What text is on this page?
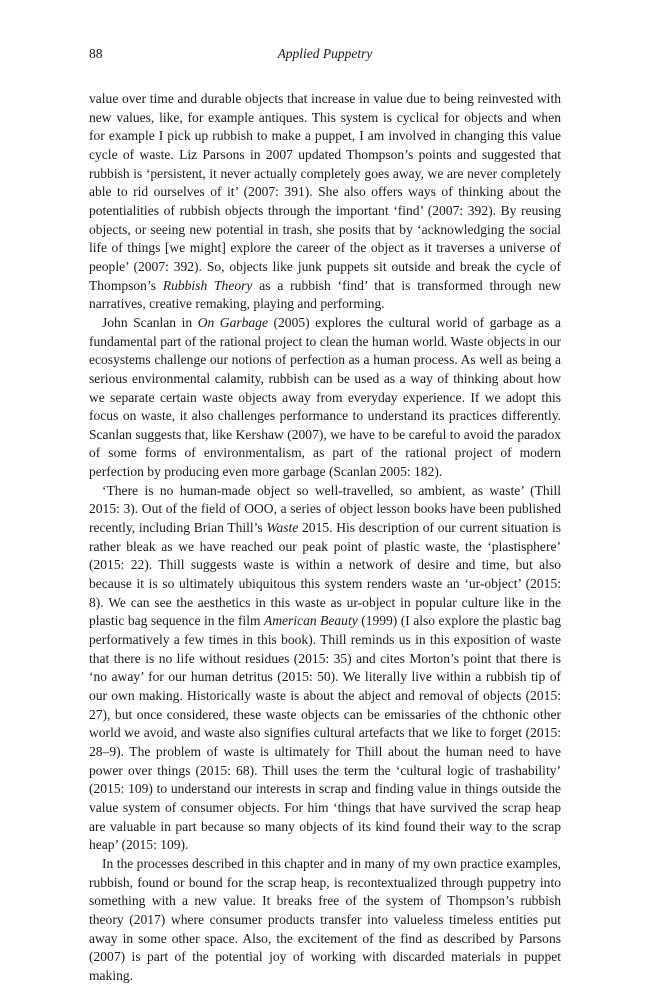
88	Applied Puppetry

value over time and durable objects that increase in value due to being reinvested with new values, like, for example antiques. This system is cyclical for objects and when for example I pick up rubbish to make a puppet, I am involved in changing this value cycle of waste. Liz Parsons in 2007 updated Thompson’s points and suggested that rubbish is ‘persistent, it never actually completely goes away, we are never completely able to rid ourselves of it’ (2007: 391). She also offers ways of thinking about the potentialities of rubbish objects through the important ‘find’ (2007: 392). By reusing objects, or seeing new potential in trash, she posits that by ‘acknowledging the social life of things [we might] explore the career of the object as it traverses a universe of people’ (2007: 392). So, objects like junk puppets sit outside and break the cycle of Thompson’s Rubbish Theory as a rubbish ‘find’ that is transformed through new narratives, creative remaking, playing and performing.

John Scanlan in On Garbage (2005) explores the cultural world of garbage as a fundamental part of the rational project to clean the human world. Waste objects in our ecosystems challenge our notions of perfection as a human process. As well as being a serious environmental calamity, rubbish can be used as a way of thinking about how we separate certain waste objects away from everyday experience. If we adopt this focus on waste, it also challenges performance to understand its practices differently. Scanlan suggests that, like Kershaw (2007), we have to be careful to avoid the paradox of some forms of environmentalism, as part of the rational project of modern perfection by producing even more garbage (Scanlan 2005: 182).

‘There is no human-made object so well-travelled, so ambient, as waste’ (Thill 2015: 3). Out of the field of OOO, a series of object lesson books have been published recently, including Brian Thill’s Waste 2015. His description of our current situation is rather bleak as we have reached our peak point of plastic waste, the ‘plastisphere’ (2015: 22). Thill suggests waste is within a network of desire and time, but also because it is so ultimately ubiquitous this system renders waste an ‘ur-object’ (2015: 8). We can see the aesthetics in this waste as ur-object in popular culture like in the plastic bag sequence in the film American Beauty (1999) (I also explore the plastic bag performatively a few times in this book). Thill reminds us in this exposition of waste that there is no life without residues (2015: 35) and cites Morton’s point that there is ‘no away’ for our human detritus (2015: 50). We literally live within a rubbish tip of our own making. Historically waste is about the abject and removal of objects (2015: 27), but once considered, these waste objects can be emissaries of the chthonic other world we avoid, and waste also signifies cultural artefacts that we like to forget (2015: 28–9). The problem of waste is ultimately for Thill about the human need to have power over things (2015: 68). Thill uses the term the ‘cultural logic of trashability’ (2015: 109) to understand our interests in scrap and finding value in things outside the value system of consumer objects. For him ‘things that have survived the scrap heap are valuable in part because so many objects of its kind found their way to the scrap heap’ (2015: 109).

In the processes described in this chapter and in many of my own practice examples, rubbish, found or bound for the scrap heap, is recontextualized through puppetry into something with a new value. It breaks free of the system of Thompson’s rubbish theory (2017) where consumer products transfer into valueless timeless entities put away in some other space. Also, the excitement of the find as described by Parsons (2007) is part of the potential joy of working with discarded materials in puppet making.
